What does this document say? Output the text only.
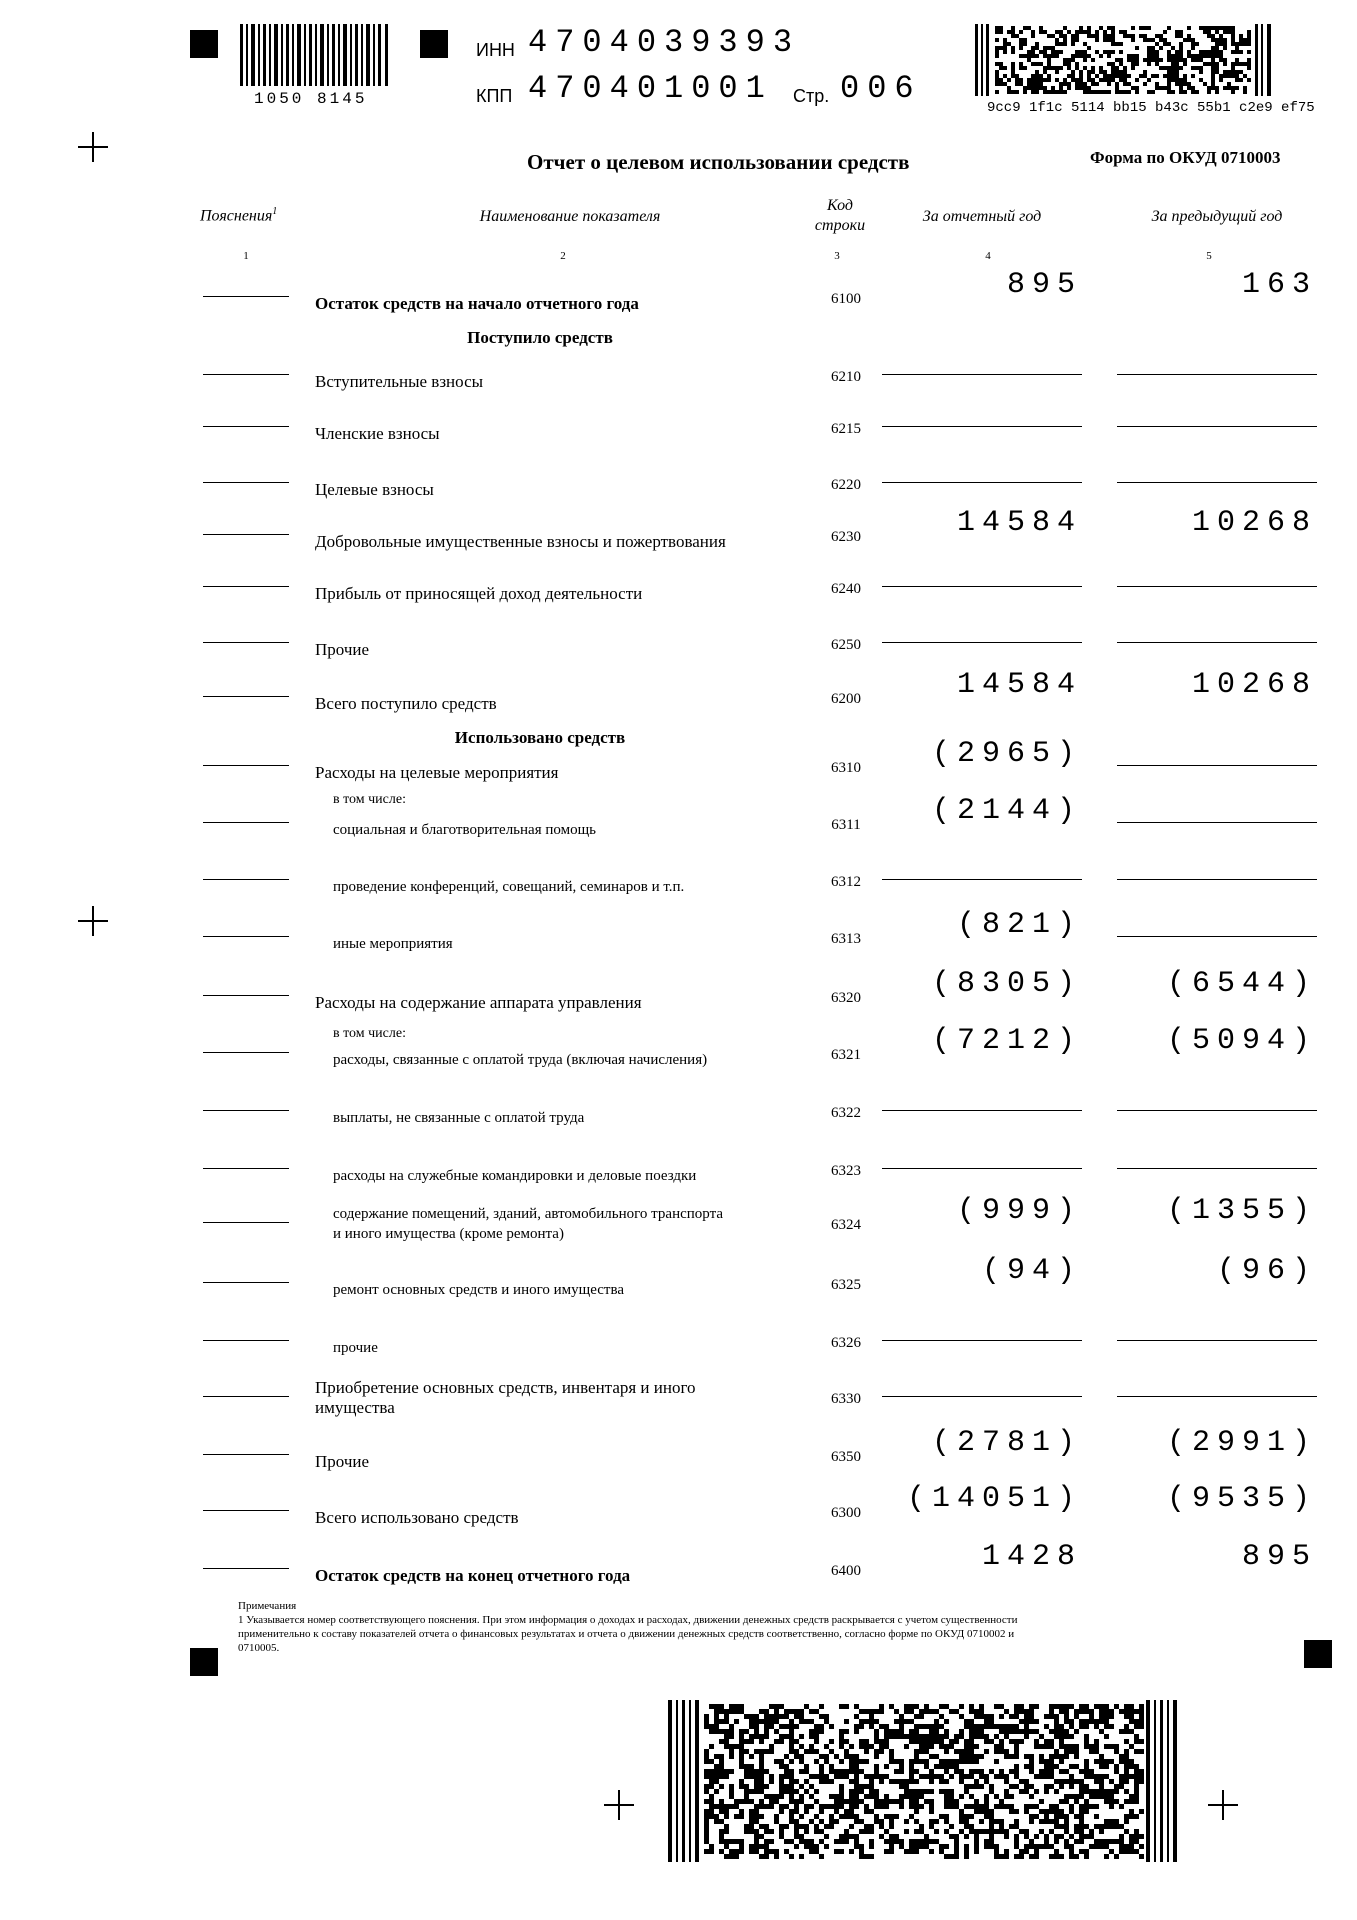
1050 8145
ИНН 4704039393
КПП 470401001 Стр. 006
9cc9 1f1c 5114 bb15 b43c 55b1 c2e9 ef75
Отчет о целевом использовании средств	Форма по ОКУД 0710003
Пояснения$^1$	Наименование показателя
Код
строки
За отчетный год	За предыдущий год
1	2	3	4	5
Поступило средств
Использовано средств
в том числе:
в том числе:
Остаток средств на начало отчетного года	6100	895	163
Вступительные взносы	6210
Членские взносы	6215
Целевые взносы	6220
Добровольные имущественные взносы и пожертвования	6230	14584	10268
Прибыль от приносящей доход деятельности	6240
Прочие	6250
Всего поступило средств	6200	14584	10268
Расходы на целевые мероприятия	6310	(2965)
социальная и благотворительная помощь	6311	(2144)
проведение конференций, совещаний, семинаров и т.п.	6312
иные мероприятия	6313	(821)
Расходы на содержание аппарата управления	6320	(8305)	(6544)
расходы, связанные с оплатой труда (включая начисления)	6321	(7212)	(5094)
выплаты, не связанные с оплатой труда	6322
расходы на служебные командировки и деловые поездки	6323
содержание помещений, зданий, автомобильного транспорта
и иного имущества (кроме ремонта)
6324	(999)	(1355)
ремонт основных средств и иного имущества	6325	(94)	(96)
прочие	6326
Приобретение основных средств, инвентаря и иного
имущества	6330
Прочие	6350	(2781)	(2991)
Всего использовано средств	6300	(14051)	(9535)
Остаток средств на конец отчетного года	6400	1428	895
Примечания
1 Указывается номер соответствующего пояснения. При этом информация о доходах и расходах, движении денежных средств раскрывается с учетом существенности
применительно к составу показателей отчета о финансовых результатах и отчета о движении денежных средств соответственно, согласно форме по ОКУД 0710002 и
0710005.
